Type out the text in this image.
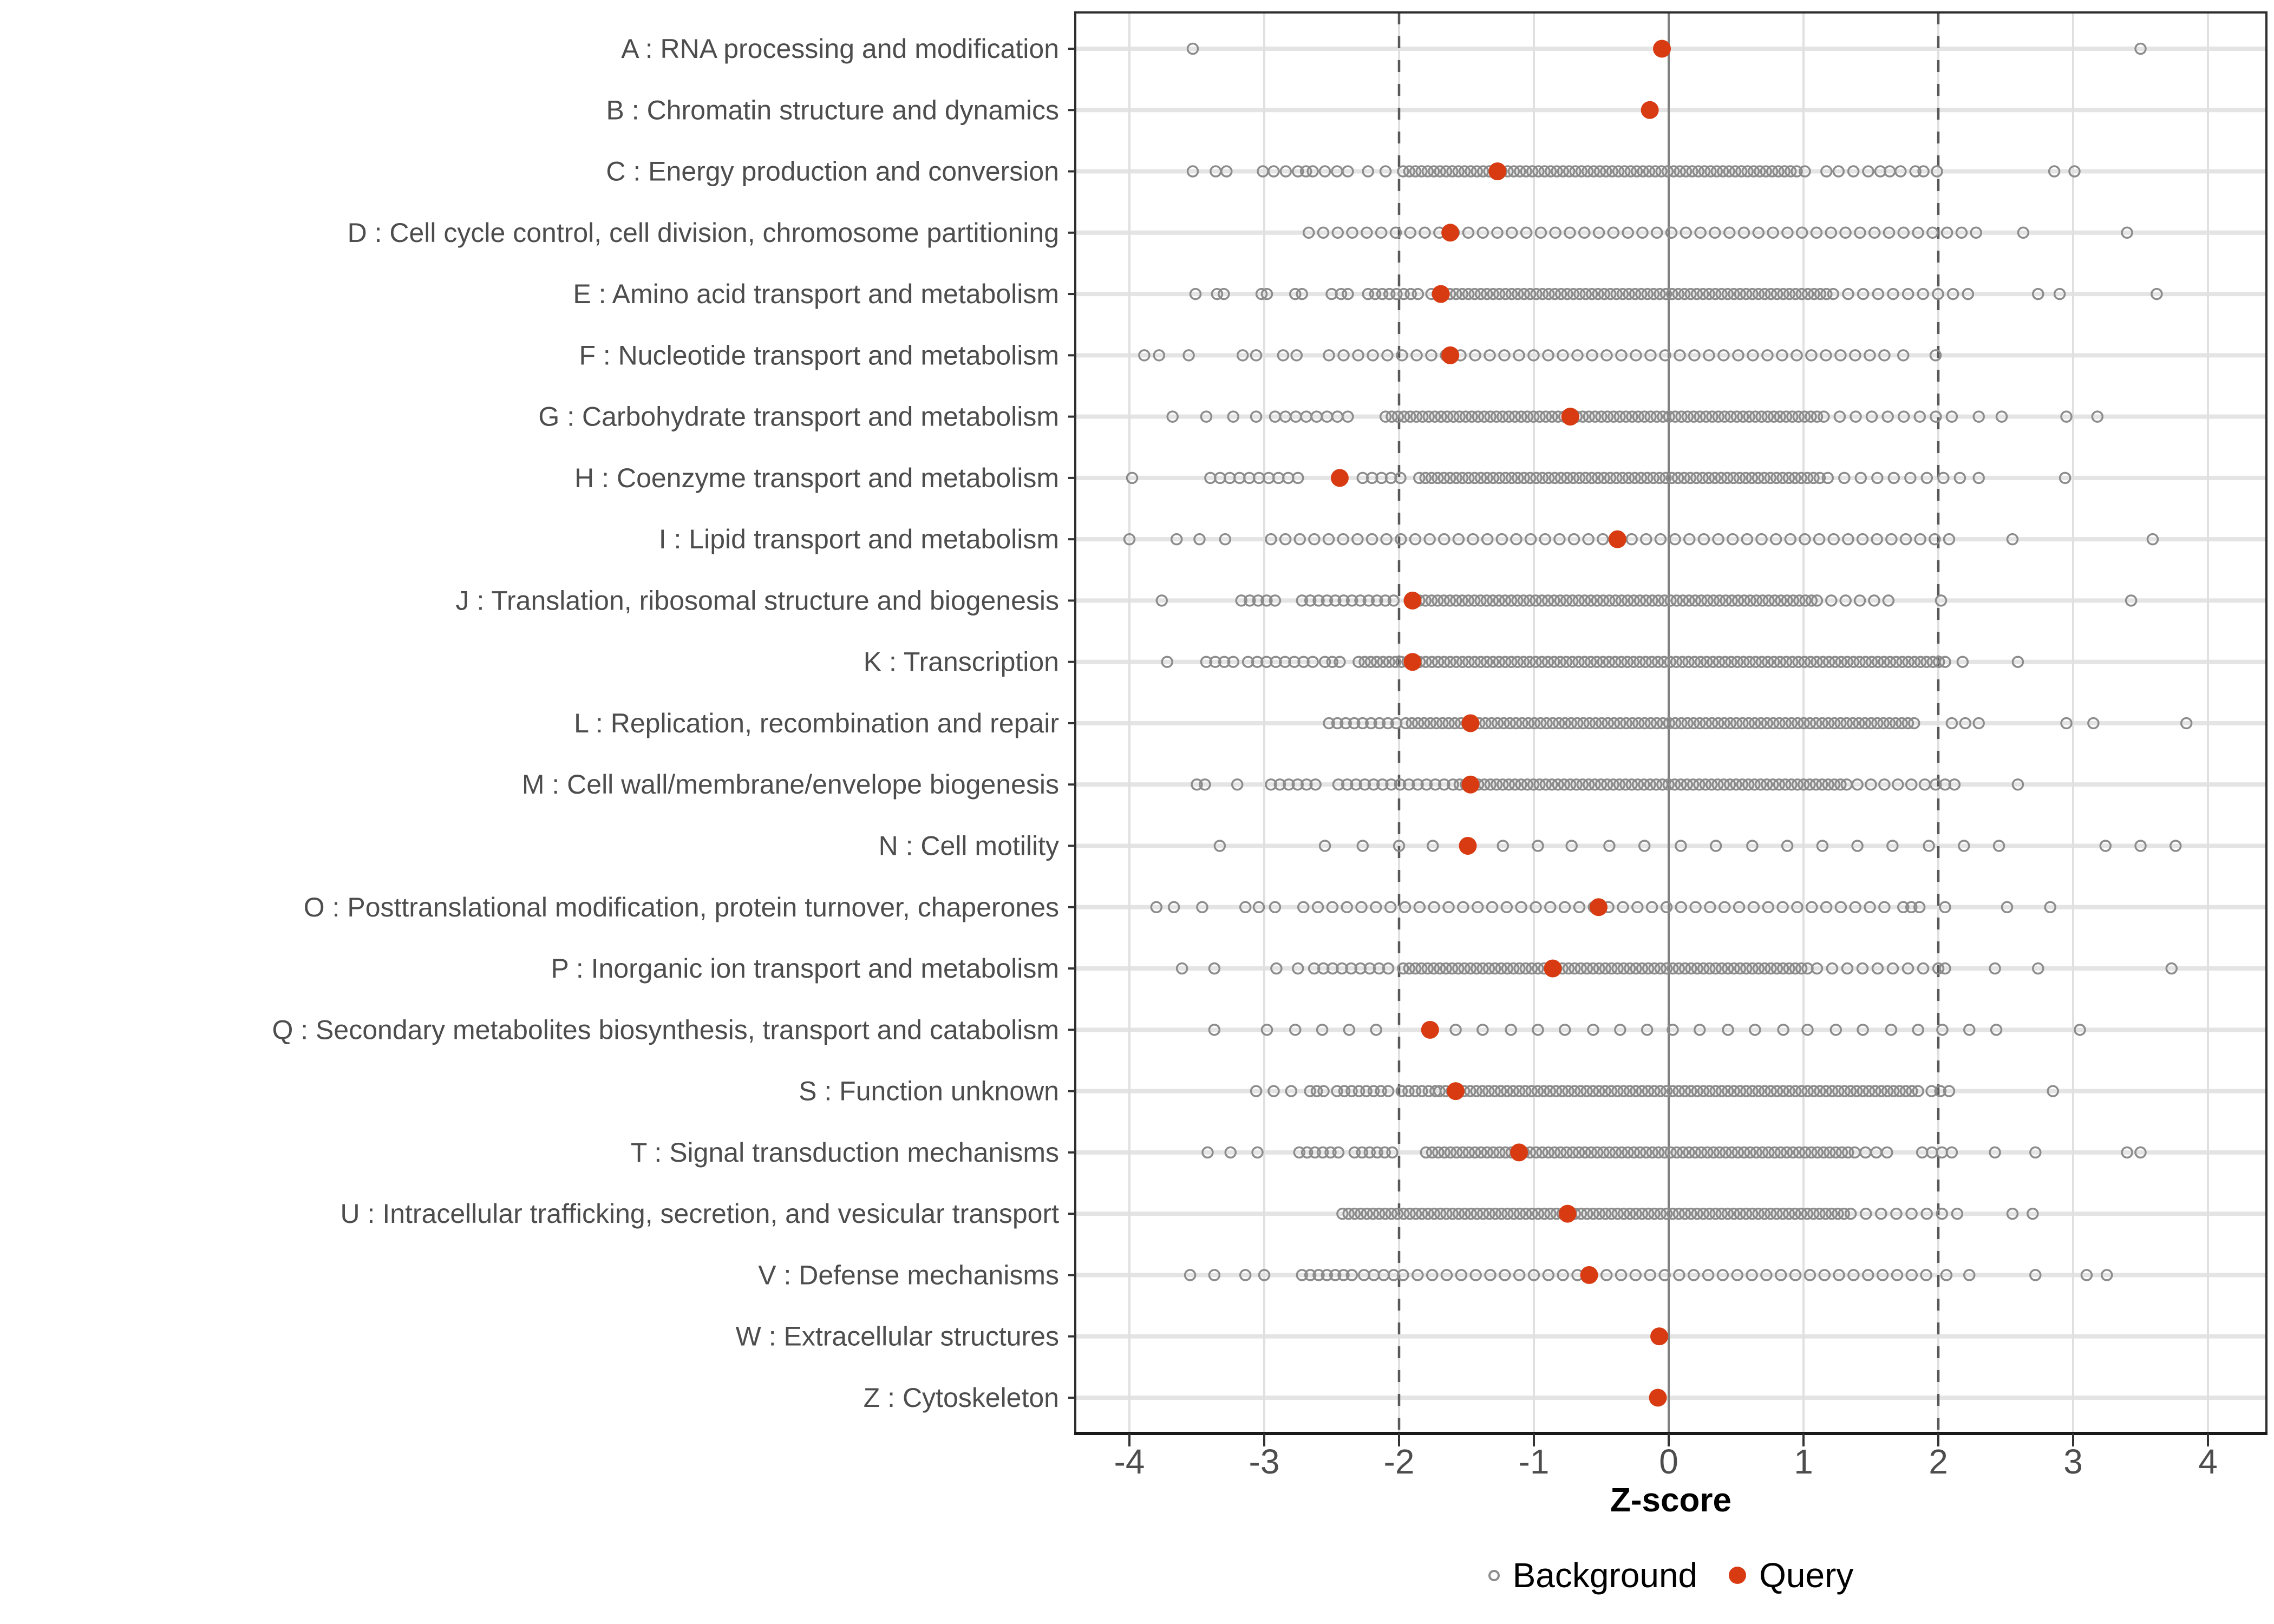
A : RNA processing and modification
B : Chromatin structure and dynamics
C : Energy production and conversion
D : Cell cycle control, cell division, chromosome partitioning
E : Amino acid transport and metabolism
F : Nucleotide transport and metabolism
G : Carbohydrate transport and metabolism
H : Coenzyme transport and metabolism
I : Lipid transport and metabolism
J : Translation, ribosomal structure and biogenesis
K : Transcription
L : Replication, recombination and repair
M : Cell wall/membrane/envelope biogenesis
N : Cell motility
O : Posttranslational modification, protein turnover, chaperones
P : Inorganic ion transport and metabolism
Q : Secondary metabolites biosynthesis, transport and catabolism
S : Function unknown
T : Signal transduction mechanisms
U : Intracellular trafficking, secretion, and vesicular transport
V : Defense mechanisms
W : Extracellular structures
Z : Cytoskeleton
-4	-3	-2	-1	0	1	2	3	4
Z-score
Background Query
